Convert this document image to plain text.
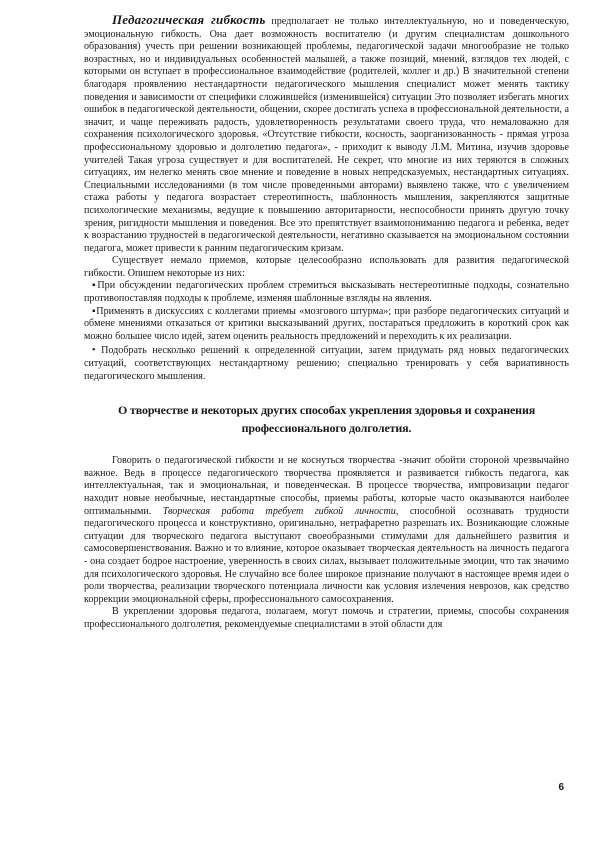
Педагогическая гибкость предполагает не только интеллектуальную, но и поведенческую, эмоциональную гибкость. Она дает возможность воспитателю (и другим специалистам дошкольного образования) учесть при решении возникающей проблемы, педагогической задачи многообразие не только возрастных, но и индивидуальных особенностей малышей, а также позиций, мнений, взглядов тех людей, с которыми он вступает в профессиональное взаимодействие (родителей, коллег и др.) В значительной степени благодаря проявлению нестандартности педагогического мышления специалист может менять тактику поведения и зависимости от специфики сложившейся (изменившейся) ситуации Это позволяет избегать многих ошибок в педагогической деятельности, общении, скорее достигать успеха в профессиональной деятельности, а значит, и чаще переживать радость, удовлетворенность результатами своего труда, что немаловажно для сохранения психологического здоровья. «Отсутствие гибкости, косность, заорганизованность - прямая угроза профессиональному здоровью и долголетию педагога», - приходит к выводу Л.М. Митина, изучив здоровье учителей Такая угроза существует и для воспитателей. Не секрет, что многие из них теряются в сложных ситуациях, им нелегко менять свое мнение и поведение в новых непредсказуемых, нестандартных ситуациях. Специальными исследованиями (в том числе проведенными авторами) выявлено также, что с увеличением стажа работы у педагога возрастает стереотипность, шаблонность мышления, закрепляются защитные психологические механизмы, ведущие к повышению авторитарности, неспособности принять другую точку зрения, ригидности мышления и поведения. Все это препятствует взаимопониманию педагога и ребенка, ведет к возрастанию трудностей в педагогической деятельности, негативно сказывается на эмоциональном состоянии педагога, может привести к ранним педагогическим кризам.

Существует немало приемов, которые целесообразно использовать для развития педагогической гибкости. Опишем некоторые из них:

▪При обсуждении педагогических проблем стремиться высказывать нестереотипные подходы, сознательно противопоставляя подходы к проблеме, изменяя шаблонные взгляды на явления.

▪Применять в дискуссиях с коллегами приемы «мозгового штурма»; при разборе педагогических ситуаций и обмене мнениями отказаться от критики высказываний других, постараться предложить в короткий срок как можно большее число идей, затем оценить реальность предложений и переходить к их реализации.

• Подобрать несколько решений к определенной ситуации, затем придумать ряд новых педагогических ситуаций, соответствующих нестандартному решению; специально тренировать у себя вариативность педагогического мышления.

О творчестве и некоторых других способах укрепления здоровья и сохранения профессионального долголетия.

Говорить о педагогической гибкости и не коснуться творчества -значит обойти стороной чрезвычайно важное. Ведь в процессе педагогического творчества проявляется и развивается гибкость педагога, как интеллектуальная, так и эмоциональная, и поведенческая. В процессе творчества, импровизации педагог находит новые необычные, нестандартные способы, приемы работы, которые часто оказываются наиболее оптимальными. Творческая работа требует гибкой личности, способной осознавать трудности педагогического процесса и конструктивно, оригинально, нетрафаретно разрешать их. Возникающие сложные ситуации для творческого педагога выступают своеобразными стимулами для дальнейшего развития и самосовершенствования. Важно и то влияние, которое оказывает творческая деятельность на личность педагога - она создает бодрое настроение, уверенность в своих силах, вызывает положительные эмоции, что так значимо для психологического здоровья. Не случайно все более широкое признание получают в настоящее время идеи о роли творчества, реализации творческого потенциала личности как условия излечения неврозов, как средство коррекции эмоциональной сферы, профессионального самосохранения.

В укреплении здоровья педагога, полагаем, могут помочь и стратегии, приемы, способы сохранения профессионального долголетия, рекомендуемые специалистами в этой области для

6
